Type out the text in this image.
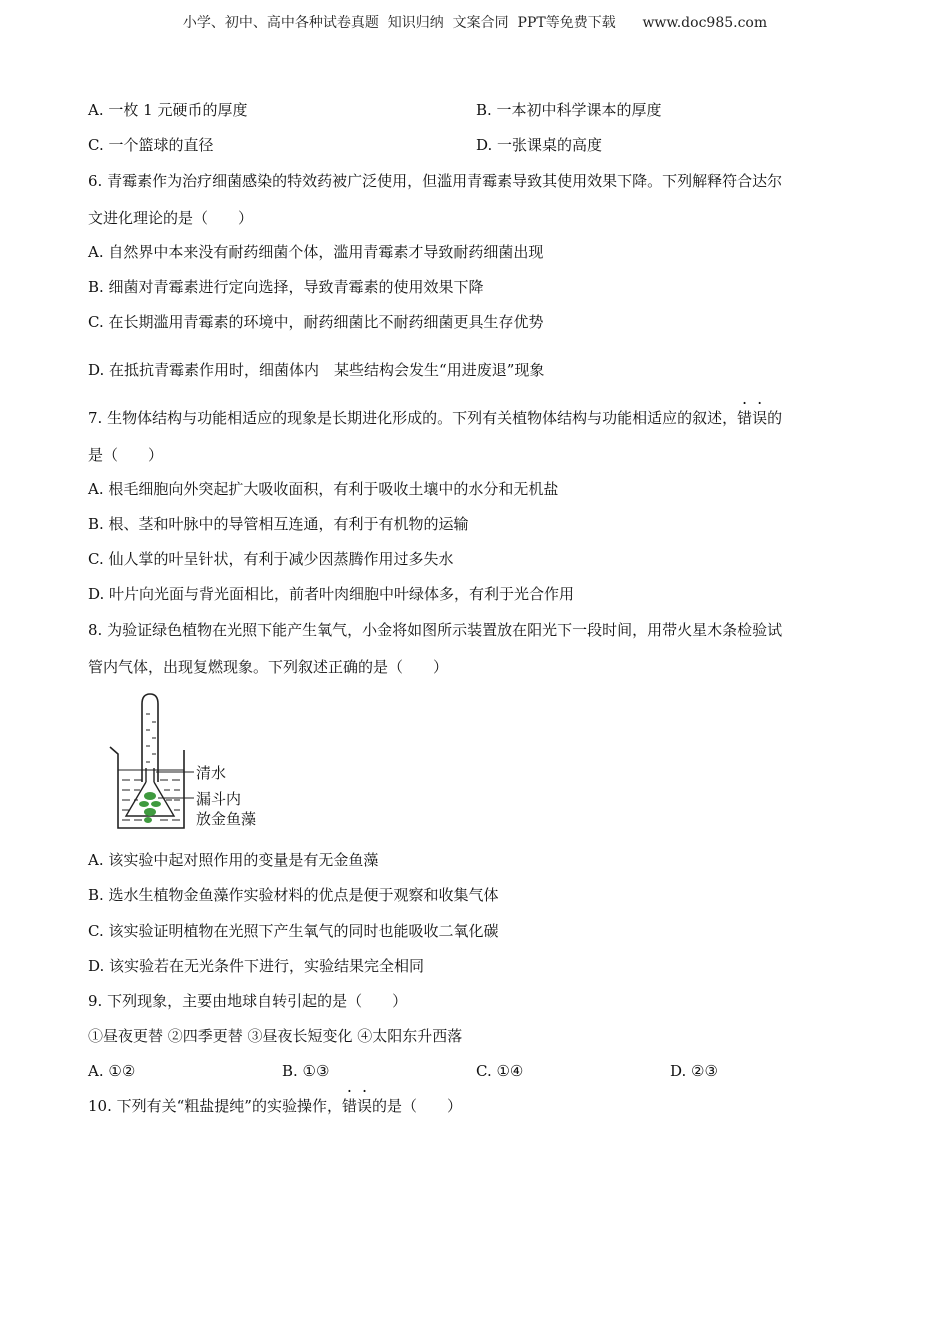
小学、初中、高中各种试卷真题  知识归纳  文案合同  PPT等免费下载      www.doc985.com
A. 一枚 1 元硬币的厚度	B. 一本初中科学课本的厚度
C. 一个篮球的直径	D. 一张课桌的高度
6. 青霉素作为治疗细菌感染的特效药被广泛使用，但滥用青霉素导致其使用效果下降。下列解释符合达尔
文进化理论的是（　　）
A. 自然界中本来没有耐药细菌个体，滥用青霉素才导致耐药细菌出现
B. 细菌对青霉素进行定向选择，导致青霉素的使用效果下降
C. 在长期滥用青霉素的环境中，耐药细菌比不耐药细菌更具生存优势
D. 在抵抗青霉素作用时，细菌体内　某些结构会发生“用进废退”现象
7. 生物体结构与功能相适应的现象是长期进化形成的。下列有关植物体结构与功能相适应的叙述，错误的
是（　　）
A. 根毛细胞向外突起扩大吸收面积，有利于吸收土壤中的水分和无机盐
B. 根、茎和叶脉中的导管相互连通，有利于有机物的运输
C. 仙人掌的叶呈针状，有利于减少因蒸腾作用过多失水
D. 叶片向光面与背光面相比，前者叶肉细胞中叶绿体多，有利于光合作用
8. 为验证绿色植物在光照下能产生氧气，小金将如图所示装置放在阳光下一段时间，用带火星木条检验试
管内气体，出现复燃现象。下列叙述正确的是（　　）
清水
漏斗内
放金鱼藻
A. 该实验中起对照作用的变量是有无金鱼藻
B. 选水生植物金鱼藻作实验材料的优点是便于观察和收集气体
C. 该实验证明植物在光照下产生氧气的同时也能吸收二氧化碳
D. 该实验若在无光条件下进行，实验结果完全相同
9. 下列现象，主要由地球自转引起的是（　　）
①昼夜更替 ②四季更替 ③昼夜长短变化 ④太阳东升西落
A. ①②	B. ①③	C. ①④	D. ②③
10. 下列有关“粗盐提纯”的实验操作，错误的是（　　）
